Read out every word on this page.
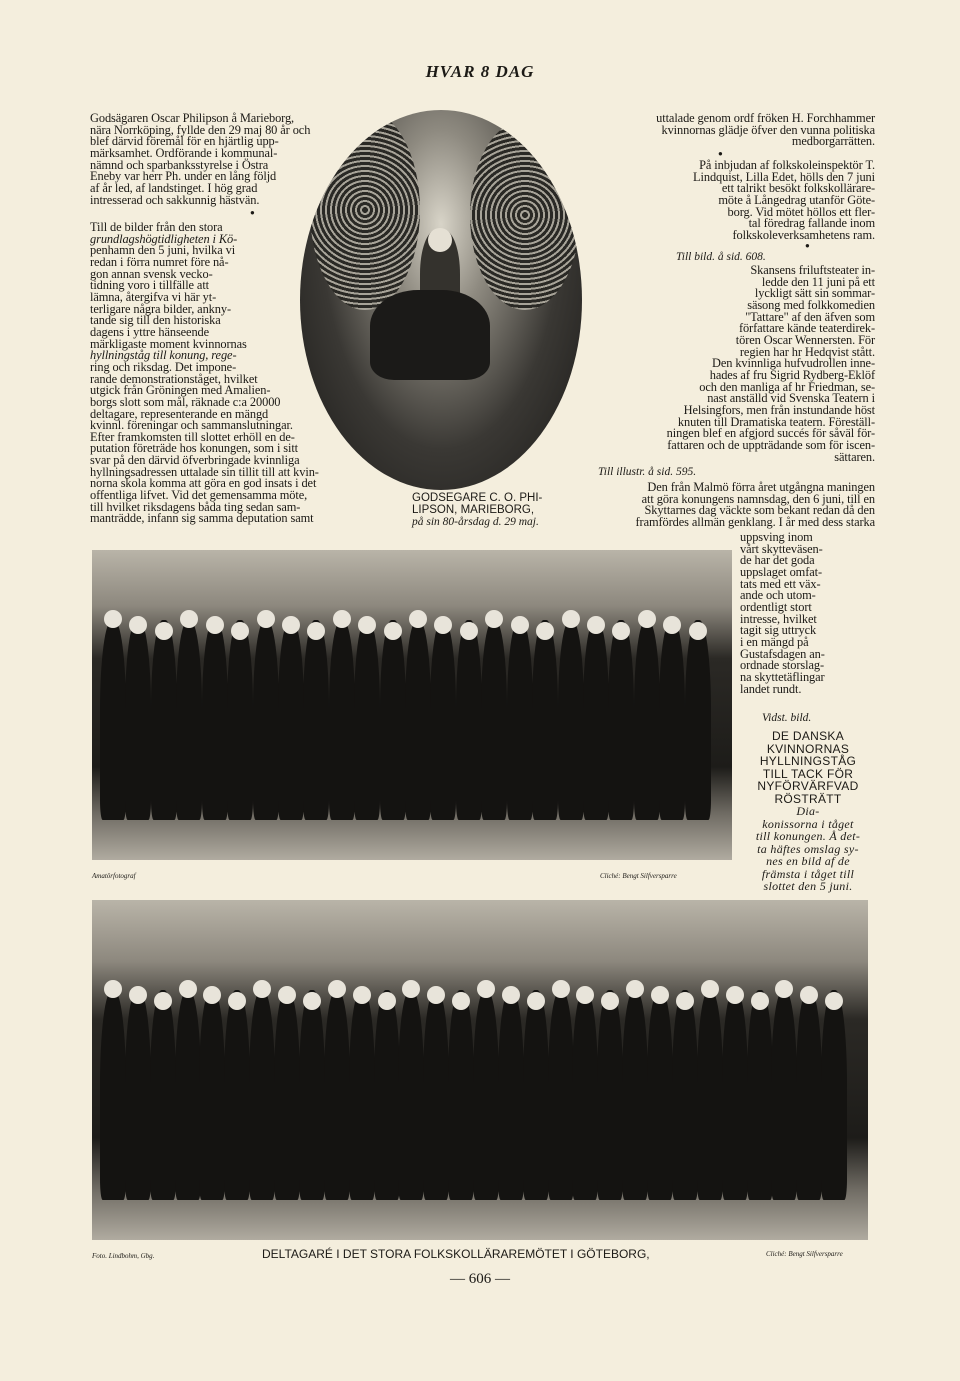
HVAR 8 DAG
Godsägaren Oscar Philipson å Marieborg,
nära Norrköping, fyllde den 29 maj 80 år och
blef därvid föremål för en hjärtlig upp-
märksamhet. Ordförande i kommunal-
nämnd och sparbanksstyrelse i Östra
Eneby var herr Ph. under en lång följd
af år led, af landstinget. I hög grad
intresserad och sakkunnig hästvän.
●
Till de bilder från den stora
grundlagshögtidligheten i Kö-
penhamn den 5 juni, hvilka vi
redan i förra numret före nå-
gon annan svensk vecko-
tidning voro i tillfälle att
lämna, återgifva vi här yt-
terligare några bilder, ankny-
tande sig till den historiska
dagens i yttre hänseende
märkligaste moment kvinnornas
hyllningståg till konung, rege-
ring och riksdag. Det impone-
rande demonstrationståget, hvilket
utgick från Gröningen med Amalien-
borgs slott som mål, räknade c:a 20000
deltagare, representerande en mängd
kvinnl. föreningar och sammanslutningar.
Efter framkomsten till slottet erhöll en de-
putation företräde hos konungen, som i sitt
svar på den därvid öfverbringade kvinnliga
hyllningsadressen uttalade sin tillit till att kvin-
norna skola komma att göra en god insats i det
offentliga lifvet. Vid det gemensamma möte,
till hvilket riksdagens båda ting sedan sam-
manträdde, infann sig samma deputation samt
GODSEGARE C. O. PHI-
LIPSON, MARIEBORG,
på sin 80-årsdag d. 29 maj.
uttalade genom ordf fröken H. Forchhammer
kvinnornas glädje öfver den vunna politiska
medborgarrätten.
●
På inbjudan af folkskoleinspektör T.
Lindquist, Lilla Edet, hölls den 7 juni
ett talrikt besökt folkskollärare-
möte å Långedrag utanför Göte-
borg. Vid mötet höllos ett fler-
tal föredrag fallande inom
folkskoleverksamhetens ram.
●
Till bild. å sid. 608.
Skansens friluftsteater in-
ledde den 11 juni på ett
lyckligt sätt sin sommar-
säsong med folkkomedien
"Tattare" af den äfven som
författare kände teaterdirek-
tören Oscar Wennersten. För
regien har hr Hedqvist stått.
Den kvinnliga hufvudrollen inne-
hades af fru Sigrid Rydberg-Eklöf
och den manliga af hr Friedman, se-
nast anställd vid Svenska Teatern i
Helsingfors, men från instundande höst
knuten till Dramatiska teatern. Föreställ-
ningen blef en afgjord succés för såväl för-
fattaren och de uppträdande som för iscen-
sättaren.
Till illustr. å sid. 595.
Den från Malmö förra året utgångna maningen
att göra konungens namnsdag, den 6 juni, till en
Skyttarnes dag väckte som bekant redan då den
framfördes allmän genklang. I år med dess starka
uppsving inom
vårt skytteväsen-
de har det goda
uppslaget omfat-
tats med ett väx-
ande och utom-
ordentligt stort
intresse, hvilket
tagit sig uttryck
i en mängd på
Gustafsdagen an-
ordnade storslag-
na skyttetäflingar
landet rundt.
Vidst. bild.
DE DANSKA
KVINNORNAS
HYLLNINGSTÅG
TILL TACK FÖR
NYFÖRVÄRFVAD
RÖSTRÄTT
Dia-
konissorna i tåget
till konungen. Å det-
ta häftes omslag sy-
nes en bild af de
främsta i tåget till
slottet den 5 juni.
Amatörfotograf	Cliché: Bengt Silfversparre
Foto. Lindbohm, Gbg.	DELTAGARÉ I DET STORA FOLKSKOLLÄRAREMÖTET I GÖTEBORG,	Cliché: Bengt Silfversparre
— 606 —
